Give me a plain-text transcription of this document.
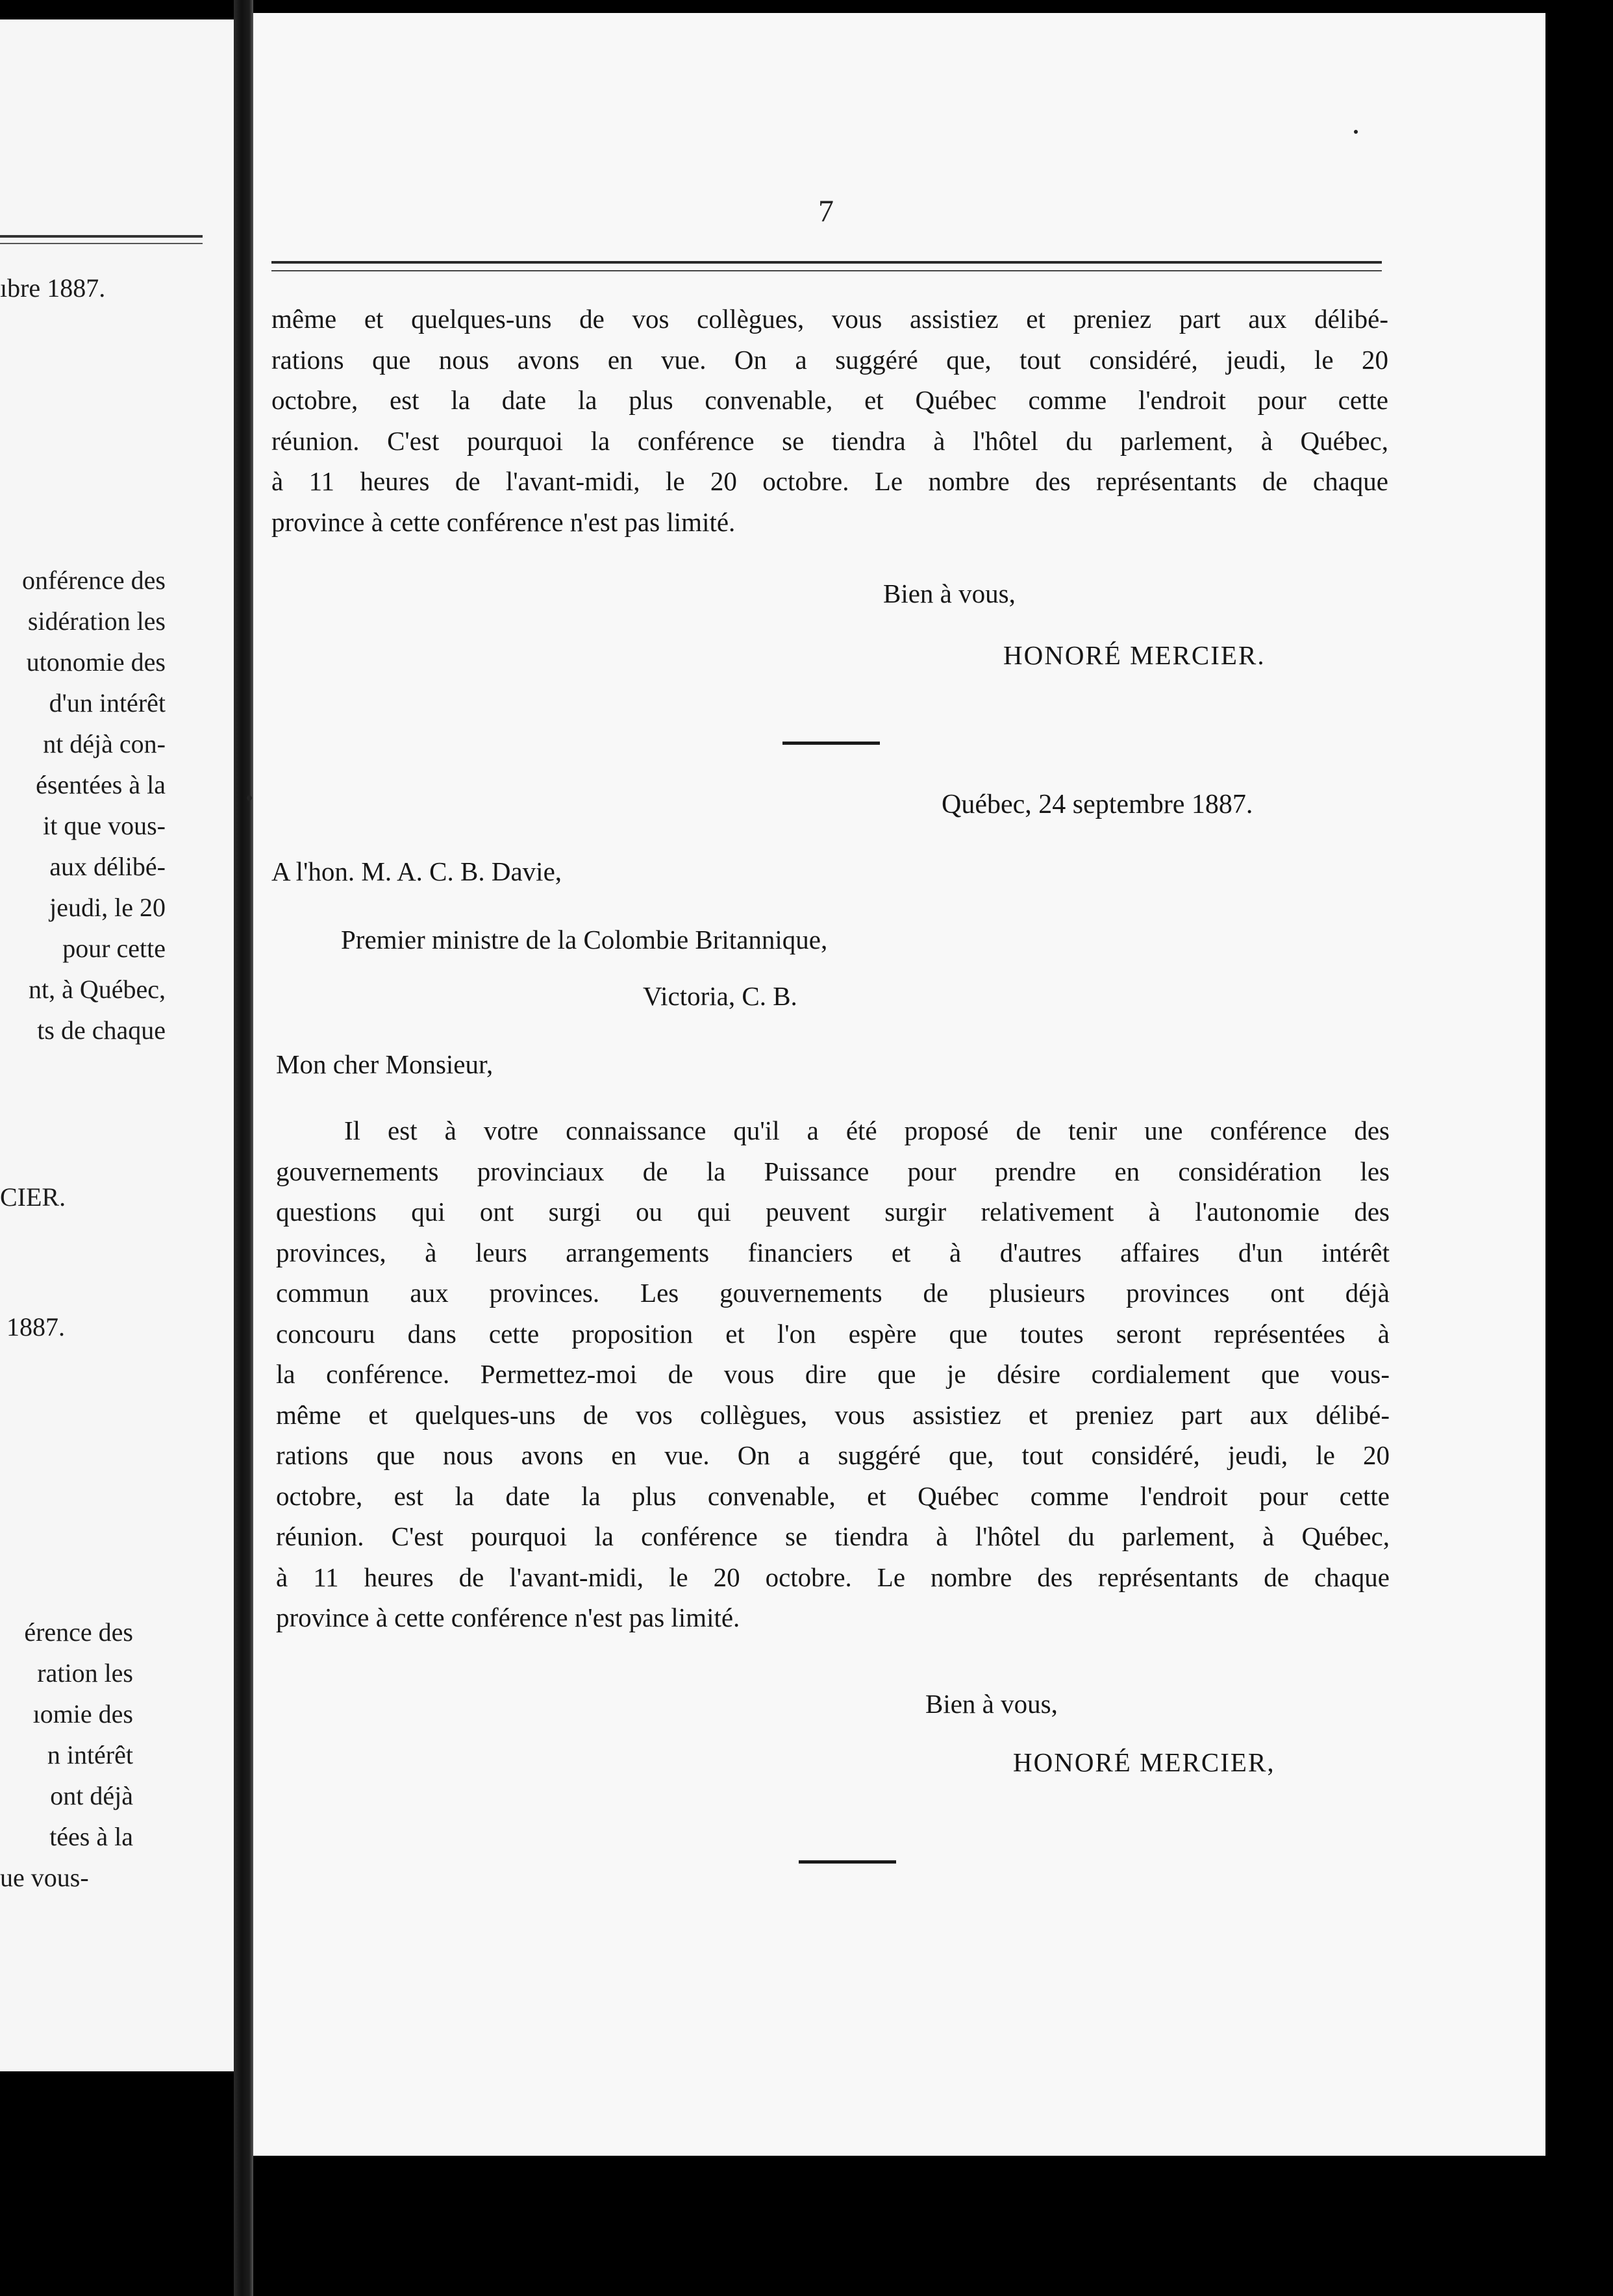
ıbre 1887.
onférence des
sidération les
utonomie des
d'un intérêt
nt déjà con-
ésentées à la
it que vous-
aux délibé-
jeudi, le 20
pour cette
nt, à Québec,
ts de chaque
CIER.
1887.
érence des
ration les
ıomie des
n intérêt
ont déjà
tées à la
ue vous-
7
même et quelques-uns de vos collègues, vous assistiez et preniez part aux délibé-
rations que nous avons en vue. On a suggéré que, tout considéré, jeudi, le 20
octobre, est la date la plus convenable, et Québec comme l'endroit pour cette
réunion. C'est pourquoi la conférence se tiendra à l'hôtel du parlement, à Québec,
à 11 heures de l'avant-midi, le 20 octobre. Le nombre des représentants de chaque
province à cette conférence n'est pas limité.
Bien à vous,
HONORÉ MERCIER.
Québec, 24 septembre 1887.
A l'hon. M. A. C. B. Davie,
Premier ministre de la Colombie Britannique,
Victoria, C. B.
Mon cher Monsieur,
Il est à votre connaissance qu'il a été proposé de tenir une conférence des
gouvernements provinciaux de la Puissance pour prendre en considération les
questions qui ont surgi ou qui peuvent surgir relativement à l'autonomie des
provinces, à leurs arrangements financiers et à d'autres affaires d'un intérêt
commun aux provinces. Les gouvernements de plusieurs provinces ont déjà
concouru dans cette proposition et l'on espère que toutes seront représentées à
la conférence. Permettez-moi de vous dire que je désire cordialement que vous-
même et quelques-uns de vos collègues, vous assistiez et preniez part aux délibé-
rations que nous avons en vue. On a suggéré que, tout considéré, jeudi, le 20
octobre, est la date la plus convenable, et Québec comme l'endroit pour cette
réunion. C'est pourquoi la conférence se tiendra à l'hôtel du parlement, à Québec,
à 11 heures de l'avant-midi, le 20 octobre. Le nombre des représentants de chaque
province à cette conférence n'est pas limité.
Bien à vous,
HONORÉ MERCIER,
